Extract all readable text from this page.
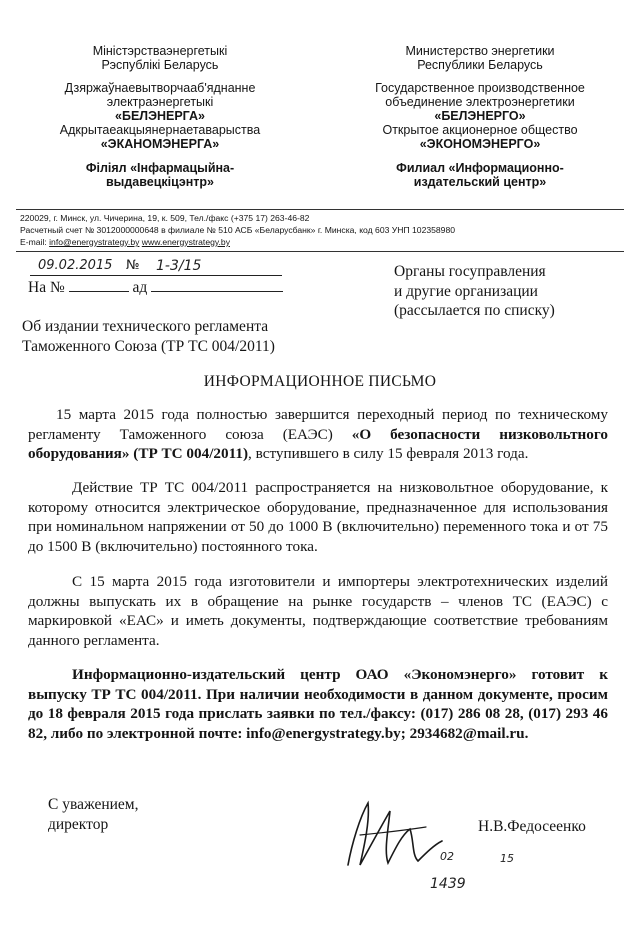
Міністэрстваэнергетыкі
Рэспублікі Беларусь
Дзяржаўнаевытворчааб'яднанне
электраэнергетыкі
«БЕЛЭНЕРГА»
Адкрытаеакцыянернаетаварыства
«ЭКАНОМЭНЕРГА»
Філіял «Інфармацыйна-
выдавецкіцэнтр»
Министерство энергетики
Республики Беларусь
Государственное производственное
объединение электроэнергетики
«БЕЛЭНЕРГО»
Открытое акционерное общество
«ЭКОНОМЭНЕРГО»
Филиал «Информационно-
издательский центр»
220029, г. Минск, ул. Чичерина, 19, к. 509, Тел./факс (+375 17) 263-46-82
Расчетный счет № 3012000000648 в филиале № 510 АСБ «Беларусбанк» г. Минска, код 603 УНП 102358980
E-mail: info@energystrategy.by www.energystrategy.by
09.02.2015 № 1-3/15
На №	ад
Органы госуправления
и другие организации
(рассылается по списку)
Об издании технического регламента
Таможенного Союза (ТР ТС 004/2011)
ИНФОРМАЦИОННОЕ ПИСЬМО
15 марта 2015 года полностью завершится переходный период по техническому регламенту Таможенного союза (ЕАЭС) «О безопасности низковольтного оборудования» (ТР ТС 004/2011), вступившего в силу 15 февраля 2013 года.
Действие ТР ТС 004/2011 распространяется на низковольтное оборудование, к которому относится электрическое оборудование, предназначенное для использования при номинальном напряжении от 50 до 1000 В (включительно) переменного тока и от 75 до 1500 В (включительно) постоянного тока.
С 15 марта 2015 года изготовители и импортеры электротехнических изделий должны выпускать их в обращение на рынке государств – членов ТС (ЕАЭС) с маркировкой «ЕАС» и иметь документы, подтверждающие соответствие требованиям данного регламента.
Информационно-издательский центр ОАО «Экономэнерго» готовит к выпуску ТР ТС 004/2011. При наличии необходимости в данном документе, просим до 18 февраля 2015 года прислать заявки по тел./факсу: (017) 286 08 28, (017) 293 46 82, либо по электронной почте: info@energystrategy.by; 2934682@mail.ru.
С уважением,
директор	Н.В.Федосеенко
02	15
1439
